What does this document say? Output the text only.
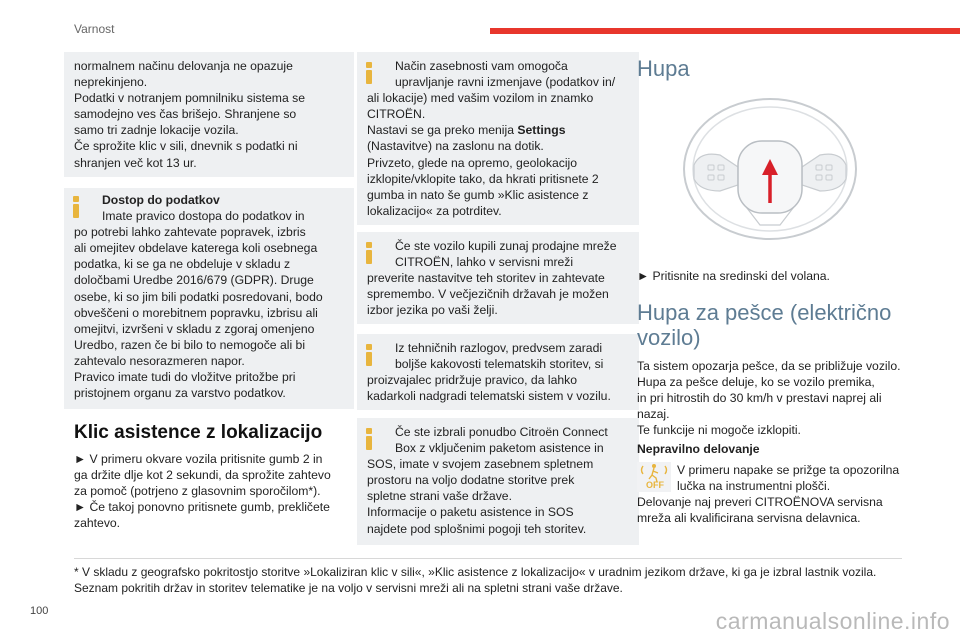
Varnost

normalnem načinu delovanja ne opazuje

neprekinjeno.

Podatki v notranjem pomnilniku sistema se

samodejno ves čas brišejo. Shranjene so

samo tri zadnje lokacije vozila.

Če sprožite klic v sili, dnevnik s podatki ni

shranjen več kot 13 ur.

Dostop do podatkov

Imate pravico dostopa do podatkov in

po potrebi lahko zahtevate popravek, izbris

ali omejitev obdelave katerega koli osebnega

podatka, ki se ga ne obdeluje v skladu z

določbami Uredbe 2016/679 (GDPR). Druge

osebe, ki so jim bili podatki posredovani, bodo

obveščeni o morebitnem popravku, izbrisu ali

omejitvi, izvršeni v skladu z zgoraj omenjeno

Uredbo, razen če bi bilo to nemogoče ali bi

zahtevalo nesorazmeren napor.

Pravico imate tudi do vložitve pritožbe pri

pristojnem organu za varstvo podatkov.

Klic asistence z lokalizacijo

► V primeru okvare vozila pritisnite gumb 2 in

ga držite dlje kot 2 sekundi, da sprožite zahtevo

za pomoč (potrjeno z glasovnim sporočilom*).

► Če takoj ponovno pritisnete gumb, prekličete

zahtevo.

Način zasebnosti vam omogoča

upravljanje ravni izmenjave (podatkov in/

ali lokacije) med vašim vozilom in znamko

CITROËN.

Nastavi se ga preko menija Settings

(Nastavitve) na zaslonu na dotik.

Privzeto, glede na opremo, geolokacijo

izklopite/vklopite tako, da hkrati pritisnete 2

gumba in nato še gumb »Klic asistence z

lokalizacijo« za potrditev.

Če ste vozilo kupili zunaj prodajne mreže

CITROËN, lahko v servisni mreži

preverite nastavitve teh storitev in zahtevate

spremembo. V večjezičnih državah je možen

izbor jezika po vaši želji.

Iz tehničnih razlogov, predvsem zaradi

boljše kakovosti telematskih storitev, si

proizvajalec pridržuje pravico, da lahko

kadarkoli nadgradi telematski sistem v vozilu.

Če ste izbrali ponudbo Citroën Connect

Box z vključenim paketom asistence in

SOS, imate v svojem zasebnem spletnem

prostoru na voljo dodatne storitve prek

spletne strani vaše države.

Informacije o paketu asistence in SOS

najdete pod splošnimi pogoji teh storitev.

Hupa
► Pritisnite na sredinski del volana.
Hupa za pešce (električno
vozilo)

Ta sistem opozarja pešce, da se približuje vozilo.

Hupa za pešce deluje, ko se vozilo premika,

in pri hitrostih do 30 km/h v prestavi naprej ali

nazaj.

Te funkcije ni mogoče izklopiti.

Nepravilno delovanje
OFF

V primeru napake se prižge ta opozorilna

lučka na instrumentni plošči.

Delovanje naj preveri CITROËNOVA servisna

mreža ali kvalificirana servisna delavnica.

* V skladu z geografsko pokritostjo storitve »Lokaliziran klic v sili«, »Klic asistence z lokalizacijo« v uradnim jezikom države, ki ga je izbral lastnik vozila.

Seznam pokritih držav in storitev telematike je na voljo v servisni mreži ali na spletni strani vaše države.

100	carmanualsonline.info
